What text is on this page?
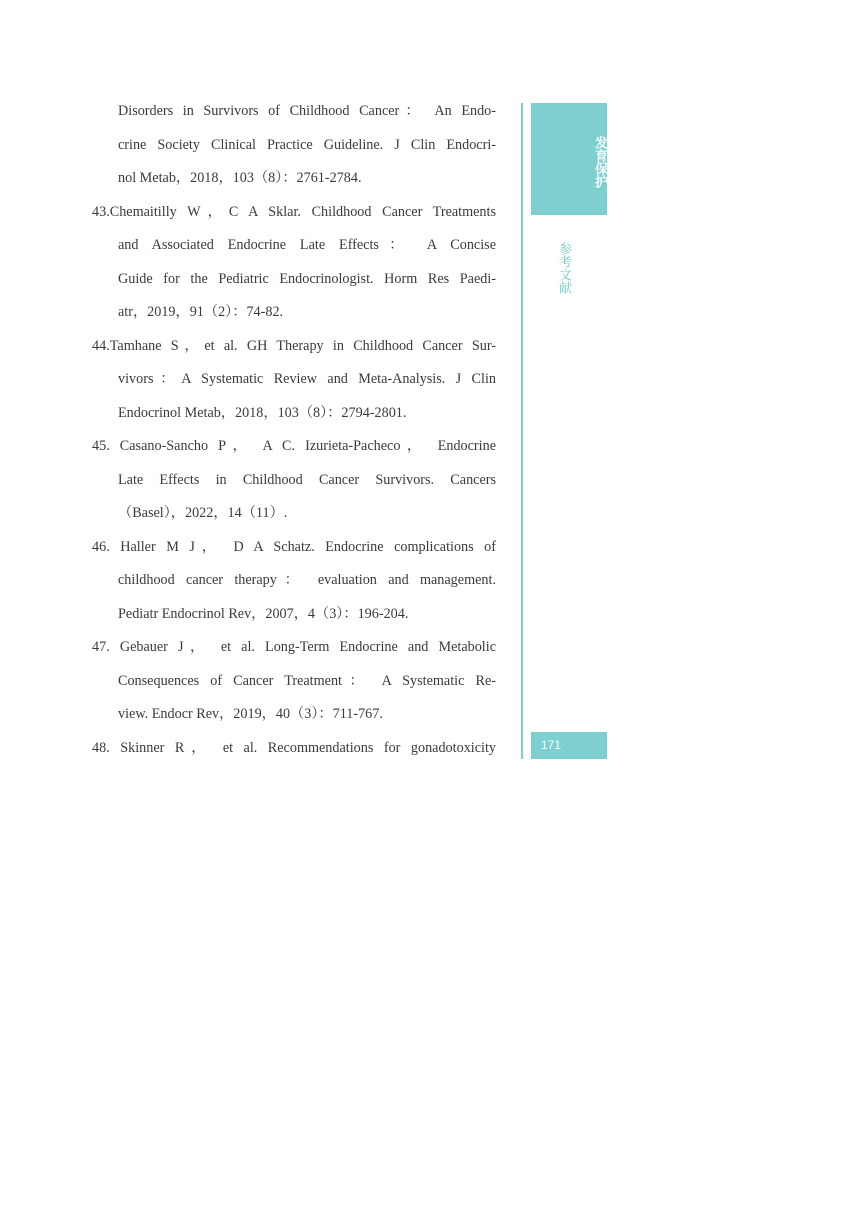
Disorders in Survivors of Childhood Cancer： An Endo-
crine Society Clinical Practice Guideline. J Clin Endocri-
nol Metab，2018，103（8）：2761-2784.

43.Chemaitilly W，C A Sklar. Childhood Cancer Treatments
and Associated Endocrine Late Effects： A Concise
Guide for the Pediatric Endocrinologist. Horm Res Paedi-
atr，2019，91（2）：74-82.

44.Tamhane S，et al. GH Therapy in Childhood Cancer Sur-
vivors：A Systematic Review and Meta-Analysis. J Clin
Endocrinol Metab，2018，103（8）：2794-2801.

45. Casano-Sancho P， A C. Izurieta-Pacheco， Endocrine
Late Effects in Childhood Cancer Survivors. Cancers
（Basel），2022，14（11）.

46. Haller M J， D A Schatz. Endocrine complications of
childhood cancer therapy： evaluation and management.
Pediatr Endocrinol Rev，2007，4（3）：196-204.

47. Gebauer J， et al. Long-Term Endocrine and Metabolic
Consequences of Cancer Treatment： A Systematic Re-
view. Endocr Rev，2019，40（3）：711-767.

48. Skinner R， et al. Recommendations for gonadotoxicity

发育保护
参考文献
171
